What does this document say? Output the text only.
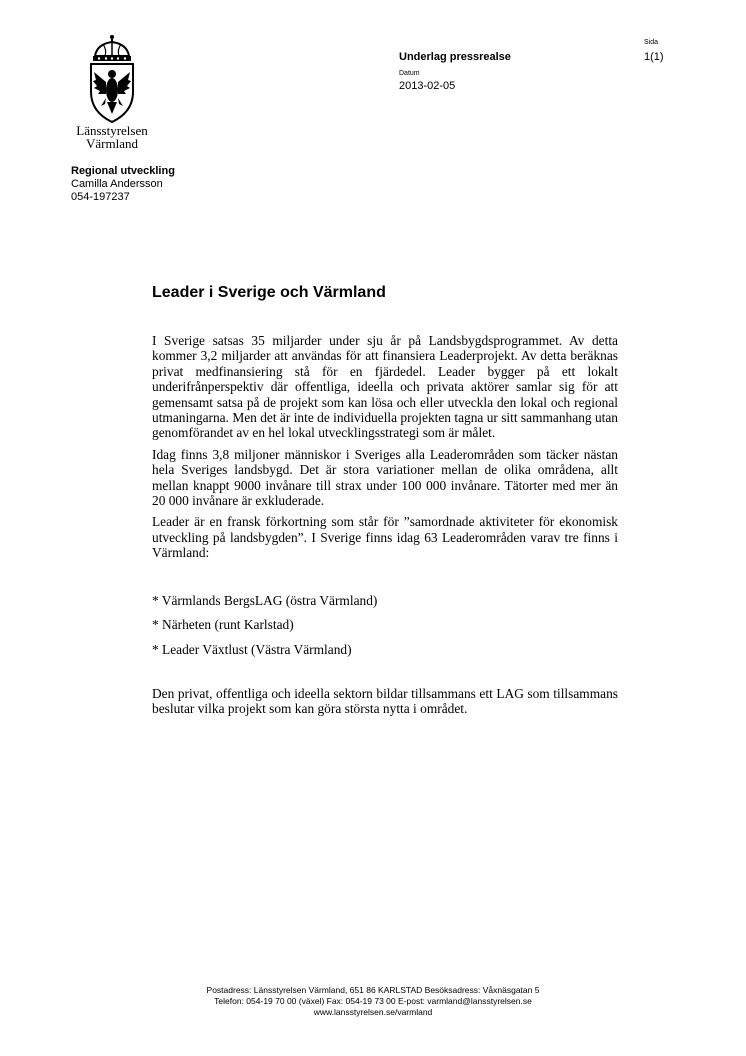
Länsstyrelsen
Värmland
Regional utveckling
Camilla Andersson
054-197237
Underlag pressrealse
Datum
2013-02-05
Sida
1(1)
Leader i Sverige och Värmland

I Sverige satsas 35 miljarder under sju år på Landsbygdsprogrammet. Av detta kommer 3,2 miljarder att användas för att finansiera Leaderprojekt. Av detta beräknas privat medfinansiering stå för en fjärdedel. Leader bygger på ett lokalt underifrånperspektiv där offentliga, ideella och privata aktörer samlar sig för att gemensamt satsa på de projekt som kan lösa och eller utveckla den lokal och regional utmaningarna. Men det är inte de individuella projekten tagna ur sitt sammanhang utan genomförandet av en hel lokal utvecklingsstrategi som är målet.

Idag finns 3,8 miljoner människor i Sveriges alla Leaderområden som täcker nästan hela Sveriges landsbygd. Det är stora variationer mellan de olika områdena, allt mellan knappt 9000 invånare till strax under 100 000 invånare. Tätorter med mer än 20 000 invånare är exkluderade.

Leader är en fransk förkortning som står för ”samordnade aktiviteter för ekonomisk utveckling på landsbygden”. I Sverige finns idag 63 Leaderområden varav tre finns i Värmland:

* Värmlands BergsLAG (östra Värmland)
* Närheten (runt Karlstad)
* Leader Växtlust (Västra Värmland)

Den privat, offentliga och ideella sektorn bildar tillsammans ett LAG som tillsammans beslutar vilka projekt som kan göra största nytta i området.

Postadress: Länsstyrelsen Värmland, 651 86 KARLSTAD Besöksadress: Våxnäsgatan 5
Telefon: 054-19 70 00 (växel) Fax: 054-19 73 00 E-post: varmland@lansstyrelsen.se
www.lansstyrelsen.se/varmland
